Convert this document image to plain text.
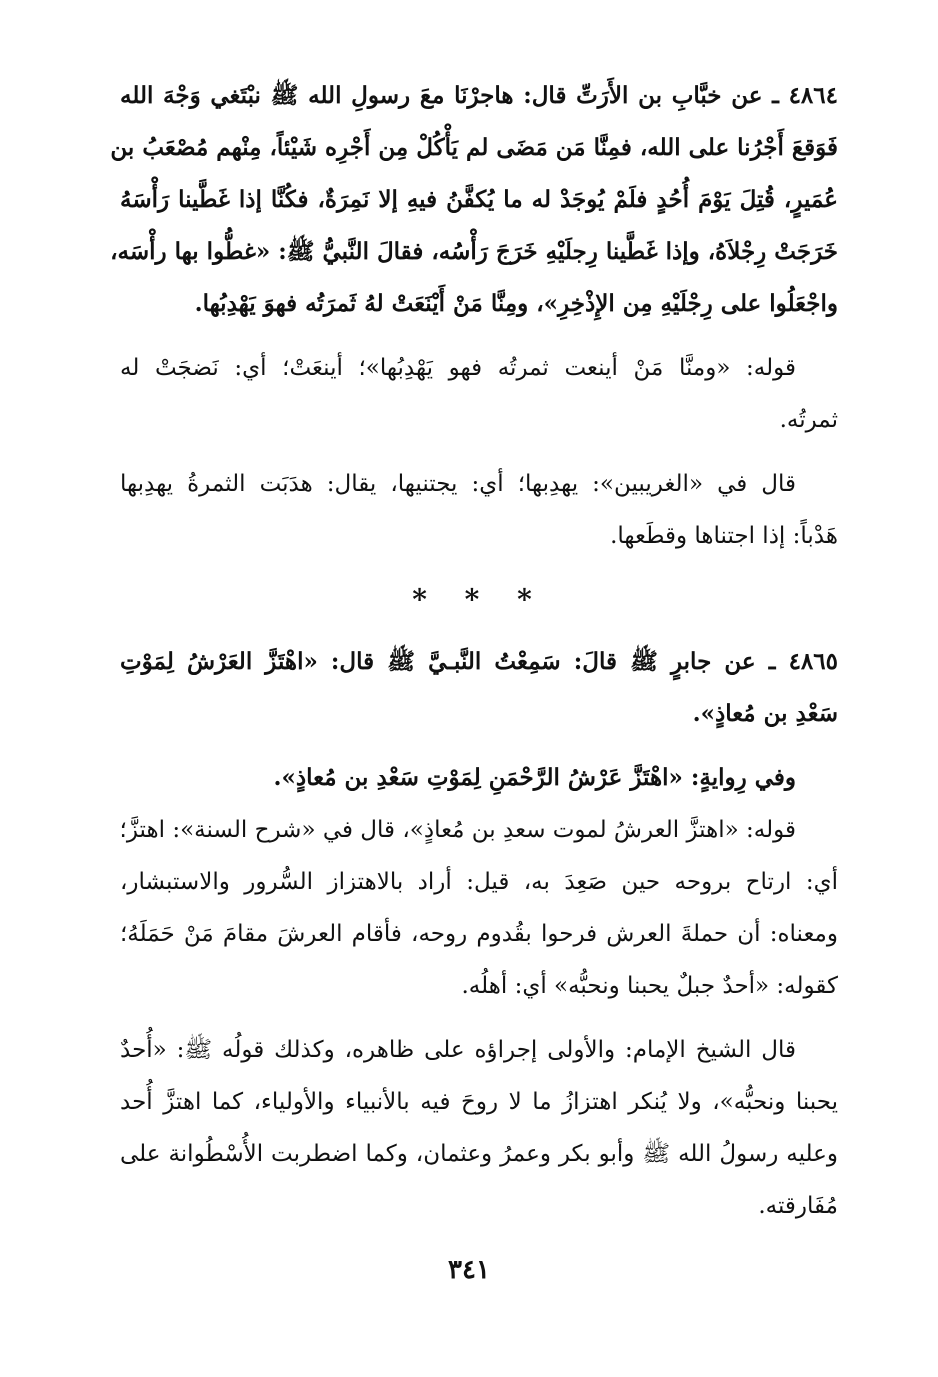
٤٨٦٤ ـ عن خبَّابِ بن الأَرَتِّ قال: هاجرْنَا معَ رسولِ الله ﷺ نبْتَغي وَجْهَ الله
فَوَقعَ أَجْرُنا على الله، فمِنَّا مَن مَضَى لم يَأْكُلْ مِن أَجْرِه شَيْئاً، مِنْهم مُصْعَبُ بن
عُمَيرٍ، قُتِلَ يَوْمَ أُحُدٍ فلَمْ يُوجَدْ له ما يُكفَّنُ فيهِ إلا نَمِرَةٌ، فكُنَّا إذا غَطَّينا رَأْسَهُ
خَرَجَتْ رِجْلاَهُ، وإذا غَطَّينا رِجلَيْهِ خَرَجَ رَأْسُه، فقالَ النَّبيُّ ﷺ: «غطُّوا بها رأْسَه،
واجْعَلُوا على رِجْلَيْهِ مِن الإِذْخِرِ»، ومِنَّا مَنْ أَيْنَعَتْ لهُ ثَمرَتُه فهوَ يَهْدِبُها.
قوله: «ومنَّا مَنْ أينعت ثمرتُه فهو يَهْدِبُها»؛ أينعَتْ؛ أي: نَضجَتْ له
ثمرتُه.
قال في «الغريبين»: يهدِبها؛ أي: يجتنيها، يقال: هدَبَت الثمرةُ يهدِبها
هَدْباً: إذا اجتناها وقطَعها.
* * *
٤٨٦٥ ـ عن جابرٍ ﷺ قالَ: سَمِعْتُ النَّبـيَّ ﷺ قال: «اهْتَزَّ العَرْشُ لِمَوْتِ
سَعْدِ بن مُعاذٍ».
وفي رِوايةٍ: «اهْتَزَّ عَرْشُ الرَّحْمَنِ لِمَوْتِ سَعْدِ بن مُعاذٍ».
قوله: «اهتزَّ العرشُ لموت سعدِ بن مُعاذٍ»، قال في «شرح السنة»: اهتزَّ؛
أي: ارتاح بروحه حين صَعِدَ به، قيل: أراد بالاهتزاز السُّرور والاستبشار،
ومعناه: أن حملةَ العرش فرحوا بقُدوم روحه، فأقام العرشَ مقامَ مَنْ حَمَلَهُ؛
كقوله: «أحدٌ جبلٌ يحبنا ونحبُّه» أي: أهلُه.
قال الشيخ الإمام: والأولى إجراؤه على ظاهره، وكذلك قولُه ﷺ: «أُحدٌ
يحبنا ونحبُّه»، ولا يُنكر اهتزازُ ما لا روحَ فيه بالأنبياء والأولياء، كما اهتزَّ أُحد
وعليه رسولُ الله ﷺ وأبو بكر وعمرُ وعثمان، وكما اضطربت الأُسْطُوانة على
مُفَارقته.
٣٤١
